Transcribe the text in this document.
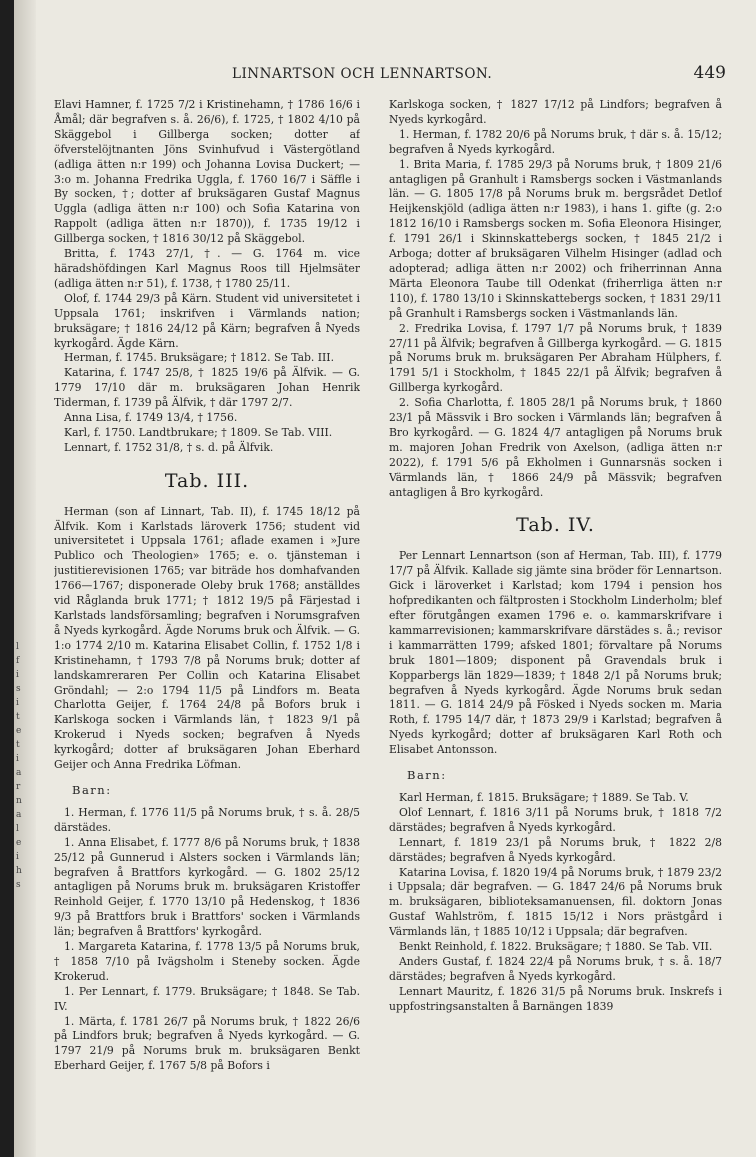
l
f
i
s
i
t
e
t
i
a
r
n
a
l
e
i
h
s
LINNARTSON OCH LENNARTSON.	449

Elavi Hamner, f. 1725 7/2 i Kristinehamn, † 1786 16/6 i Åmål; där begrafven s. å. 26/6), f. 1725, † 1802 4/10 på Skäggebol i Gillberga socken; dotter af öfverstelöjtnanten Jöns Svinhufvud i Västergötland (adliga ätten n:r 199) och Johanna Lovisa Duckert; — 3:o m. Johanna Fredrika Uggla, f. 1760 16/7 i Säffle i By socken, †; dotter af bruksägaren Gustaf Magnus Uggla (adliga ätten n:r 100) och Sofia Katarina von Rappolt (adliga ätten n:r 1870)), f. 1735 19/12 i Gillberga socken, † 1816 30/12 på Skäggebol.

Britta, f. 1743 27/1, †. — G. 1764 m. vice häradshöfdingen Karl Magnus Roos till Hjelmsäter (adliga ätten n:r 51), f. 1738, † 1780 25/11.

Olof, f. 1744 29/3 på Kärn. Student vid universitetet i Uppsala 1761; inskrifven i Värmlands nation; bruksägare; † 1816 24/12 på Kärn; begrafven å Nyeds kyrkogård. Ägde Kärn.

Herman, f. 1745. Bruksägare; † 1812. Se Tab. III.

Katarina, f. 1747 25/8, † 1825 19/6 på Älfvik. — G. 1779 17/10 där m. bruksägaren Johan Henrik Tiderman, f. 1739 på Älfvik, † där 1797 2/7.

Anna Lisa, f. 1749 13/4, † 1756.

Karl, f. 1750. Landtbrukare; † 1809. Se Tab. VIII.

Lennart, f. 1752 31/8, † s. d. på Älfvik.

Tab. III.

Herman (son af Linnart, Tab. II), f. 1745 18/12 på Älfvik. Kom i Karlstads läroverk 1756; student vid universitetet i Uppsala 1761; aflade examen i »Jure Publico och Theologien» 1765; e. o. tjänsteman i justitierevisionen 1765; var biträde hos domhafvanden 1766—1767; disponerade Oleby bruk 1768; anställdes vid Råglanda bruk 1771; † 1812 19/5 på Färjestad i Karlstads landsförsamling; begrafven i Norumsgrafven å Nyeds kyrkogård. Ägde Norums bruk och Älfvik. — G. 1:o 1774 2/10 m. Katarina Elisabet Collin, f. 1752 1/8 i Kristinehamn, † 1793 7/8 på Norums bruk; dotter af landskamreraren Per Collin och Katarina Elisabet Gröndahl; — 2:o 1794 11/5 på Lindfors m. Beata Charlotta Geijer, f. 1764 24/8 på Bofors bruk i Karlskoga socken i Värmlands län, † 1823 9/1 på Krokerud i Nyeds socken; begrafven å Nyeds kyrkogård; dotter af bruksägaren Johan Eberhard Geijer och Anna Fredrika Löfman.

Barn:

1. Herman, f. 1776 11/5 på Norums bruk, † s. å. 28/5 därstädes.

1. Anna Elisabet, f. 1777 8/6 på Norums bruk, † 1838 25/12 på Gunnerud i Alsters socken i Värmlands län; begrafven å Brattfors kyrkogård. — G. 1802 25/12 antagligen på Norums bruk m. bruksägaren Kristoffer Reinhold Geijer, f. 1770 13/10 på Hedenskog, † 1836 9/3 på Brattfors bruk i Brattfors' socken i Värmlands län; begrafven å Brattfors' kyrkogård.

1. Margareta Katarina, f. 1778 13/5 på Norums bruk, † 1858 7/10 på Ivägsholm i Steneby socken. Ägde Krokerud.

1. Per Lennart, f. 1779. Bruksägare; † 1848. Se Tab. IV.

1. Märta, f. 1781 26/7 på Norums bruk, † 1822 26/6 på Lindfors bruk; begrafven å Nyeds kyrkogård. — G. 1797 21/9 på Norums bruk m. bruksägaren Benkt Eberhard Geijer, f. 1767 5/8 på Bofors i

Karlskoga socken, † 1827 17/12 på Lindfors; begrafven å Nyeds kyrkogård.

1. Herman, f. 1782 20/6 på Norums bruk, † där s. å. 15/12; begrafven å Nyeds kyrkogård.

1. Brita Maria, f. 1785 29/3 på Norums bruk, † 1809 21/6 antagligen på Granhult i Ramsbergs socken i Västmanlands län. — G. 1805 17/8 på Norums bruk m. bergsrådet Detlof Heijkenskjöld (adliga ätten n:r 1983), i hans 1. gifte (g. 2:o 1812 16/10 i Ramsbergs socken m. Sofia Eleonora Hisinger, f. 1791 26/1 i Skinnskattebergs socken, † 1845 21/2 i Arboga; dotter af bruksägaren Vilhelm Hisinger (adlad och adopterad; adliga ätten n:r 2002) och friherrinnan Anna Märta Eleonora Taube till Odenkat (friherrliga ätten n:r 110), f. 1780 13/10 i Skinnskattebergs socken, † 1831 29/11 på Granhult i Ramsbergs socken i Västmanlands län.

2. Fredrika Lovisa, f. 1797 1/7 på Norums bruk, † 1839 27/11 på Älfvik; begrafven å Gillberga kyrkogård. — G. 1815 på Norums bruk m. bruksägaren Per Abraham Hülphers, f. 1791 5/1 i Stockholm, † 1845 22/1 på Älfvik; begrafven å Gillberga kyrkogård.

2. Sofia Charlotta, f. 1805 28/1 på Norums bruk, † 1860 23/1 på Mässvik i Bro socken i Värmlands län; begrafven å Bro kyrkogård. — G. 1824 4/7 antagligen på Norums bruk m. majoren Johan Fredrik von Axelson, (adliga ätten n:r 2022), f. 1791 5/6 på Ekholmen i Gunnarsnäs socken i Värmlands län, † 1866 24/9 på Mässvik; begrafven antagligen å Bro kyrkogård.

Tab. IV.

Per Lennart Lennartson (son af Herman, Tab. III), f. 1779 17/7 på Älfvik. Kallade sig jämte sina bröder för Lennartson. Gick i läroverket i Karlstad; kom 1794 i pension hos hofpredikanten och fältprosten i Stockholm Linderholm; blef efter förutgången examen 1796 e. o. kammarskrifvare i kammarrevisionen; kammarskrifvare därstädes s. å.; revisor i kammarrätten 1799; afsked 1801; förvaltare på Norums bruk 1801—1809; disponent på Gravendals bruk i Kopparbergs län 1829—1839; † 1848 2/1 på Norums bruk; begrafven å Nyeds kyrkogård. Ägde Norums bruk sedan 1811. — G. 1814 24/9 på Fösked i Nyeds socken m. Maria Roth, f. 1795 14/7 där, † 1873 29/9 i Karlstad; begrafven å Nyeds kyrkogård; dotter af bruksägaren Karl Roth och Elisabet Antonsson.

Barn:

Karl Herman, f. 1815. Bruksägare; † 1889. Se Tab. V.

Olof Lennart, f. 1816 3/11 på Norums bruk, † 1818 7/2 därstädes; begrafven å Nyeds kyrkogård.

Lennart, f. 1819 23/1 på Norums bruk, † 1822 2/8 därstädes; begrafven å Nyeds kyrkogård.

Katarina Lovisa, f. 1820 19/4 på Norums bruk, † 1879 23/2 i Uppsala; där begrafven. — G. 1847 24/6 på Norums bruk m. bruksägaren, biblioteksamanuensen, fil. doktorn Jonas Gustaf Wahlström, f. 1815 15/12 i Nors prästgård i Värmlands län, † 1885 10/12 i Uppsala; där begrafven.

Benkt Reinhold, f. 1822. Bruksägare; † 1880. Se Tab. VII.

Anders Gustaf, f. 1824 22/4 på Norums bruk, † s. å. 18/7 därstädes; begrafven å Nyeds kyrkogård.

Lennart Mauritz, f. 1826 31/5 på Norums bruk. Inskrefs i uppfostringsanstalten å Barnängen 1839
